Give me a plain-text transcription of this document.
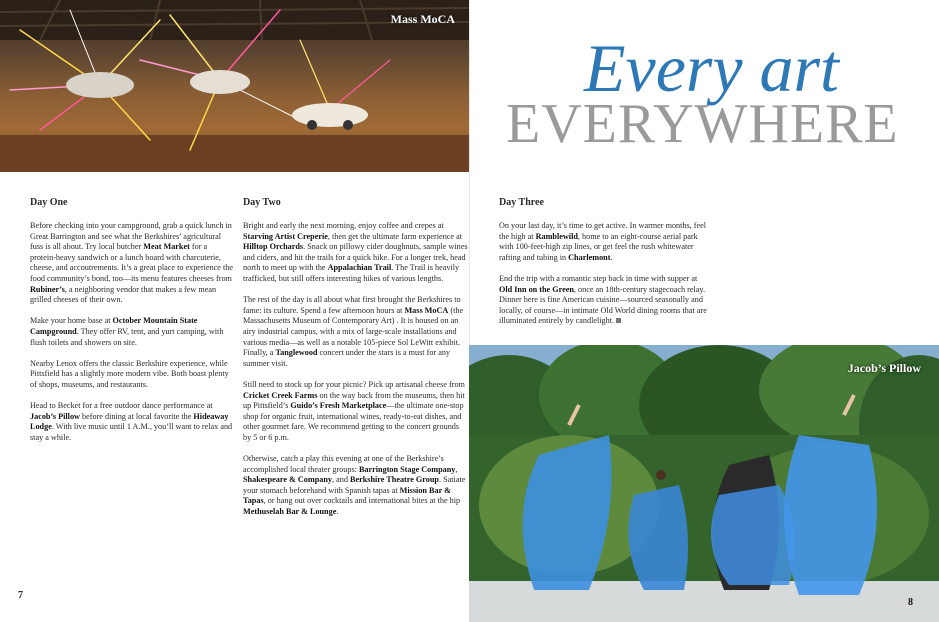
Mass MoCA
Every art
EVERYWHERE
Day One

Before checking into your campground, grab a quick lunch in Great Barrington and see what the Berkshires’ agricultural fuss is all about. Try local butcher Meat Market for a protein-heavy sandwich or a lunch board with charcuterie, cheese, and accoutrements. It’s a great place to experience the food community’s bond, too—its menu features cheeses from Rubiner’s, a neighboring vendor that makes a few mean grilled cheeses of their own.

Make your home base at October Mountain State Campground. They offer RV, tent, and yurt camping, with flush toilets and showers on site.

Nearby Lenox offers the classic Berkshire experience, while Pittsfield has a slightly more modern vibe. Both boast plenty of shops, museums, and restaurants.

Head to Becket for a free outdoor dance performance at Jacob’s Pillow before dining at local favorite the Hideaway Lodge. With live music until 1 A.M., you’ll want to relax and stay a while.

Day Two

Bright and early the next morning, enjoy coffee and crepes at Starving Artist Creperie, then get the ultimate farm experience at Hilltop Orchards. Snack on pillowy cider doughnuts, sample wines and ciders, and hit the trails for a quick hike. For a longer trek, head north to meet up with the Appalachian Trail. The Trail is heavily trafficked, but still offers interesting hikes of various lengths.

The rest of the day is all about what first brought the Berkshires to fame: its culture. Spend a few afternoon hours at Mass MoCA (the Massachusetts Museum of Contemporary Art) . It is housed on an airy industrial campus, with a mix of large-scale installations and various media—as well as a notable 105-piece Sol LeWitt exhibit. Finally, a Tanglewood concert under the stars is a must for any summer visit.

Still need to stock up for your picnic? Pick up artisanal cheese from Cricket Creek Farms on the way back from the museums, then hit up Pittsfield’s Guido’s Fresh Marketplace—the ultimate one-stop shop for organic fruit, international wines, ready-to-eat dishes, and other gourmet fare. We recommend getting to the concert grounds by 5 or 6 p.m.

Otherwise, catch a play this evening at one of the Berkshire’s accomplished local theater groups: Barrington Stage Company, Shakespeare & Company, and Berkshire Theatre Group. Satiate your stomach beforehand with Spanish tapas at Mission Bar & Tapas, or hang out over cocktails and international bites at the hip Methuselah Bar & Lounge.

Day Three

On your last day, it’s time to get active. In warmer months, feel the high at Ramblewild, home to an eight-course aerial park with 100-feet-high zip lines, or get feel the rush whitewater rafting and tubing in Charlemont.

End the trip with a romantic step back in time with supper at Old Inn on the Green, once an 18th-century stagecoach relay. Dinner here is fine American cuisine—sourced seasonally and locally, of course—in intimate Old World dining rooms that are illuminated entirely by candlelight.

Jacob’s Pillow
7
8
